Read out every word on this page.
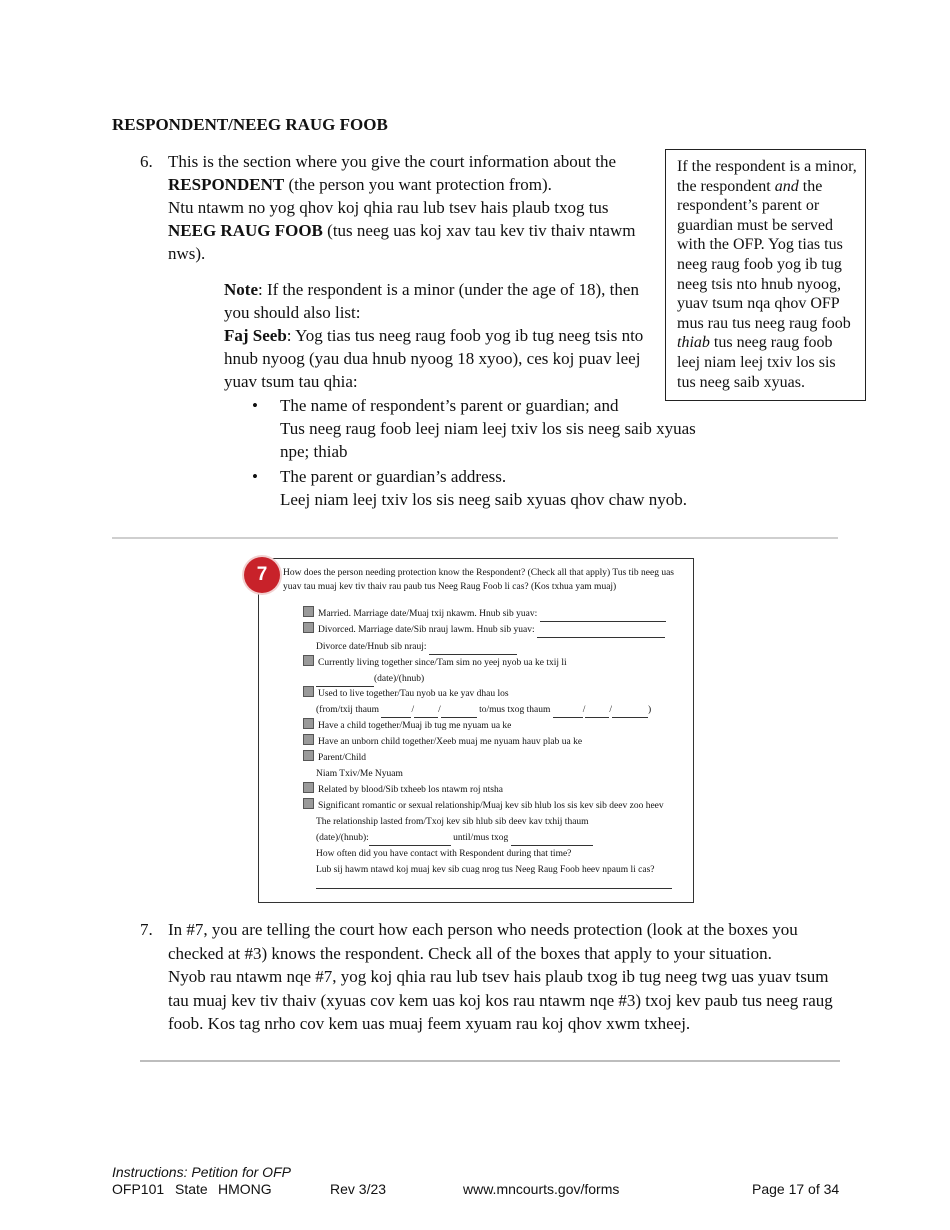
RESPONDENT/NEEG RAUG FOOB
6. This is the section where you give the court information about the RESPONDENT (the person you want protection from).
Ntu ntawm no yog qhov koj qhia rau lub tsev hais plaub txog tus NEEG RAUG FOOB (tus neeg uas koj xav tau kev tiv thaiv ntawm nws).
Note: If the respondent is a minor (under the age of 18), then you should also list:
Faj Seeb: Yog tias tus neeg raug foob yog ib tug neeg tsis nto hnub nyoog (yau dua hnub nyoog 18 xyoo), ces koj puav leej yuav tsum tau qhia:
• The name of respondent’s parent or guardian; and
Tus neeg raug foob leej niam leej txiv los sis neeg saib xyuas npe; thiab
• The parent or guardian’s address.
Leej niam leej txiv los sis neeg saib xyuas qhov chaw nyob.
If the respondent is a minor, the respondent and the respondent’s parent or guardian must be served with the OFP. Yog tias tus neeg raug foob yog ib tug neeg tsis nto hnub nyoog, yuav tsum nqa qhov OFP mus rau tus neeg raug foob thiab tus neeg raug foob leej niam leej txiv los sis tus neeg saib xyuas.
How does the person needing protection know the Respondent? (Check all that apply) Tus tib neeg uas yuav tau muaj kev tiv thaiv rau paub tus Neeg Raug Foob li cas? (Kos txhua yam muaj)
Married. Marriage date/Muaj txij nkawm. Hnub sib yuav:
Divorced. Marriage date/Sib nrauj lawm. Hnub sib yuav:
Divorce date/Hnub sib nrauj:
Currently living together since/Tam sim no yeej nyob ua ke txij li
(date)/(hnub)
Used to live together/Tau nyob ua ke yav dhau los
(from/txij thaum	/	/	to/mus txog thaum	/	/	)
Have a child together/Muaj ib tug me nyuam ua ke
Have an unborn child together/Xeeb muaj me nyuam hauv plab ua ke
Parent/Child
Niam Txiv/Me Nyuam
Related by blood/Sib txheeb los ntawm roj ntsha
Significant romantic or sexual relationship/Muaj kev sib hlub los sis kev sib deev zoo heev
The relationship lasted from/Txoj kev sib hlub sib deev kav txhij thaum
(date)/(hnub):	until/mus txog
How often did you have contact with Respondent during that time?
Lub sij hawm ntawd koj muaj kev sib cuag nrog tus Neeg Raug Foob heev npaum li cas?
7
7. In #7, you are telling the court how each person who needs protection (look at the boxes you checked at #3) knows the respondent. Check all of the boxes that apply to your situation.
Nyob rau ntawm nqe #7, yog koj qhia rau lub tsev hais plaub txog ib tug neeg twg uas yuav tsum tau muaj kev tiv thaiv (xyuas cov kem uas koj kos rau ntawm nqe #3) txoj kev paub tus neeg raug foob. Kos tag nrho cov kem uas muaj feem xyuam rau koj qhov xwm txheej.
Instructions: Petition for OFP
OFP101 State HMONG	Rev 3/23	www.mncourts.gov/forms	Page 17 of 34
